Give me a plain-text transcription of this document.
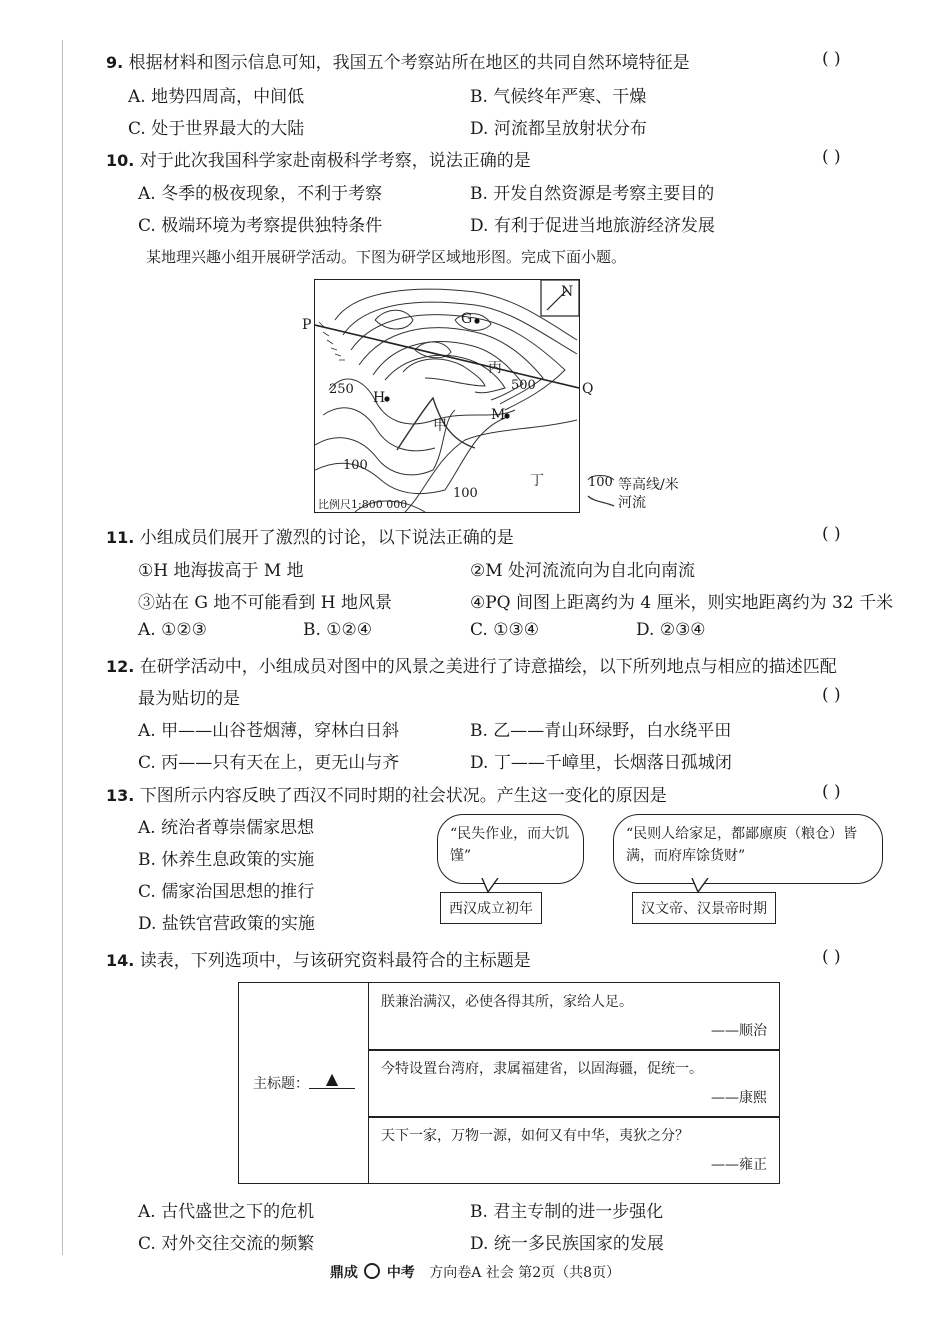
9. 根据材料和图示信息可知，我国五个考察站所在地区的共同自然环境特征是	( )
A. 地势四周高，中间低	B. 气候终年严寒、干燥
C. 处于世界最大的大陆	D. 河流都呈放射状分布
10. 对于此次我国科学家赴南极科学考察，说法正确的是	( )
A. 冬季的极夜现象，不利于考察	B. 开发自然资源是考察主要目的
C. 极端环境为考察提供独特条件	D. 有利于促进当地旅游经济发展
某地理兴趣小组开展研学活动。下图为研学区域地形图。完成下面小题。
P
Q
N
G
H
M
甲
丙
丁
250	500
100
100
比例尺1:800 000
100 等高线/米
河流
11. 小组成员们展开了激烈的讨论，以下说法正确的是	( )
①H 地海拔高于 M 地	②M 处河流流向为自北向南流
③站在 G 地不可能看到 H 地风景	④PQ 间图上距离约为 4 厘米，则实地距离约为 32 千米
A. ①②③	B. ①②④	C. ①③④	D. ②③④
12. 在研学活动中，小组成员对图中的风景之美进行了诗意描绘，以下所列地点与相应的描述匹配
最为贴切的是	( )
A. 甲——山谷苍烟薄，穿林白日斜	B. 乙——青山环绿野，白水绕平田
C. 丙——只有天在上，更无山与齐	D. 丁——千嶂里，长烟落日孤城闭
13. 下图所示内容反映了西汉不同时期的社会状况。产生这一变化的原因是	( )
A. 统治者尊崇儒家思想
B. 休养生息政策的实施
C. 儒家治国思想的推行
D. 盐铁官营政策的实施
“民失作业，而大饥馑”
“民则人给家足，都鄙廪庾（粮仓）皆满，而府库馀货财”
西汉成立初年	汉文帝、汉景帝时期
14. 读表，下列选项中，与该研究资料最符合的主标题是	( )
主标题：	▲
朕兼治满汉，必使各得其所，家给人足。
——顺治
今特设置台湾府，隶属福建省，以固海疆，促统一。
——康熙
天下一家，万物一源，如何又有中华，夷狄之分？
——雍正
A. 古代盛世之下的危机	B. 君主专制的进一步强化
C. 对外交往交流的频繁	D. 统一多民族国家的发展
鼎成 中考 方向卷A 社会 第2页（共8页）
